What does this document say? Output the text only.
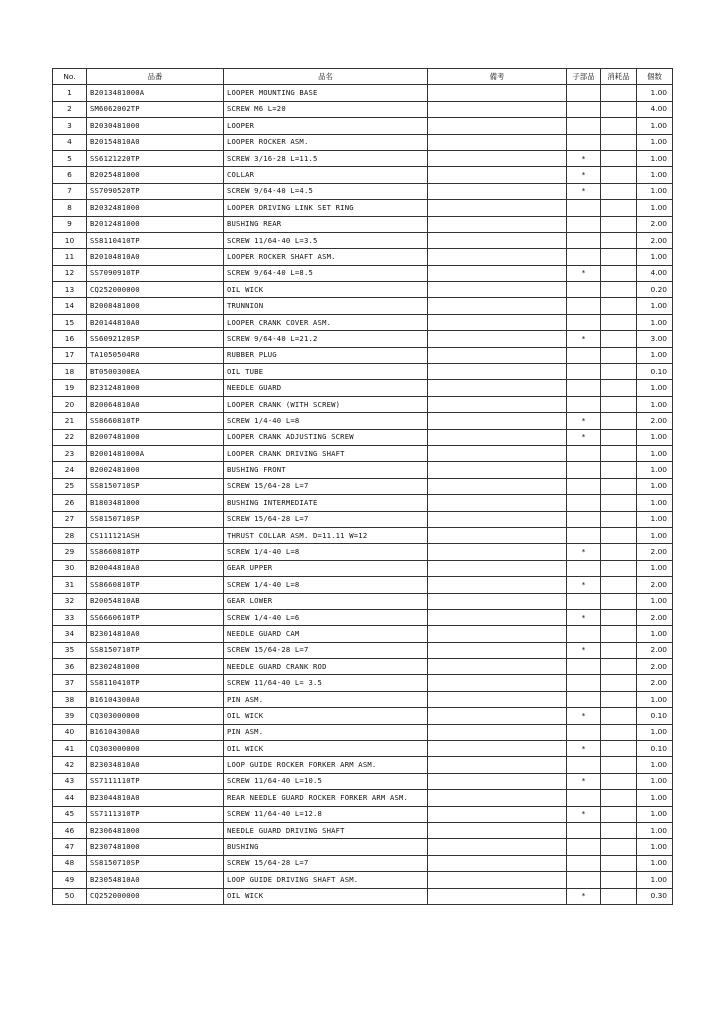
No.	品番	品名	備考	子部品	消耗品	個数
1	B2013481000A	LOOPER MOUNTING BASE				1.00
2	SM6062002TP	SCREW M6 L=20				4.00
3	B2030481000	LOOPER				1.00
4	B20154810A0	LOOPER ROCKER ASM.				1.00
5	SS6121220TP	SCREW 3/16-28 L=11.5		*		1.00
6	B2025481000	COLLAR		*		1.00
7	SS7090520TP	SCREW 9/64-40 L=4.5		*		1.00
8	B2032481000	LOOPER DRIVING LINK SET RING				1.00
9	B2012481000	BUSHING REAR				2.00
10	SS8110410TP	SCREW 11/64-40 L=3.5				2.00
11	B20104810A0	LOOPER ROCKER SHAFT ASM.				1.00
12	SS7090910TP	SCREW 9/64-40 L=8.5		*		4.00
13	CQ252000000	OIL WICK				0.20
14	B2008481000	TRUNNION				1.00
15	B20144810A0	LOOPER CRANK COVER ASM.				1.00
16	SS6092120SP	SCREW 9/64-40 L=21.2		*		3.00
17	TA1050504R0	RUBBER PLUG				1.00
18	BT0500300EA	OIL TUBE				0.10
19	B2312481000	NEEDLE GUARD				1.00
20	B20064810A0	LOOPER CRANK (WITH SCREW)				1.00
21	SS8660810TP	SCREW 1/4-40 L=8		*		2.00
22	B2007481000	LOOPER CRANK ADJUSTING SCREW		*		1.00
23	B2001481000A	LOOPER CRANK DRIVING SHAFT				1.00
24	B2002481000	BUSHING FRONT				1.00
25	SS8150710SP	SCREW 15/64-28 L=7				1.00
26	B1803481000	BUSHING INTERMEDIATE				1.00
27	SS8150710SP	SCREW 15/64-28 L=7				1.00
28	CS111121ASH	THRUST COLLAR ASM. D=11.11 W=12				1.00
29	SS8660810TP	SCREW 1/4-40 L=8		*		2.00
30	B20044810A0	GEAR UPPER				1.00
31	SS8660810TP	SCREW 1/4-40 L=8		*		2.00
32	B20054810AB	GEAR LOWER				1.00
33	SS6660610TP	SCREW 1/4-40 L=6		*		2.00
34	B23014810A0	NEEDLE GUARD CAM				1.00
35	SS8150710TP	SCREW 15/64-28 L=7		*		2.00
36	B2302481000	NEEDLE GUARD CRANK ROD				2.00
37	SS8110410TP	SCREW 11/64-40 L= 3.5				2.00
38	B16104300A0	PIN ASM.				1.00
39	CQ303000000	OIL WICK		*		0.10
40	B16104300A0	PIN ASM.				1.00
41	CQ303000000	OIL WICK		*		0.10
42	B23034810A0	LOOP GUIDE ROCKER FORKER ARM ASM.				1.00
43	SS7111110TP	SCREW 11/64-40 L=10.5		*		1.00
44	B23044810A0	REAR NEEDLE GUARD ROCKER FORKER ARM ASM.				1.00
45	SS7111310TP	SCREW 11/64-40 L=12.8		*		1.00
46	B2306481000	NEEDLE GUARD DRIVING SHAFT				1.00
47	B2307481000	BUSHING				1.00
48	SS8150710SP	SCREW 15/64-28 L=7				1.00
49	B23054810A0	LOOP GUIDE DRIVING SHAFT ASM.				1.00
50	CQ252000000	OIL WICK		*		0.30
